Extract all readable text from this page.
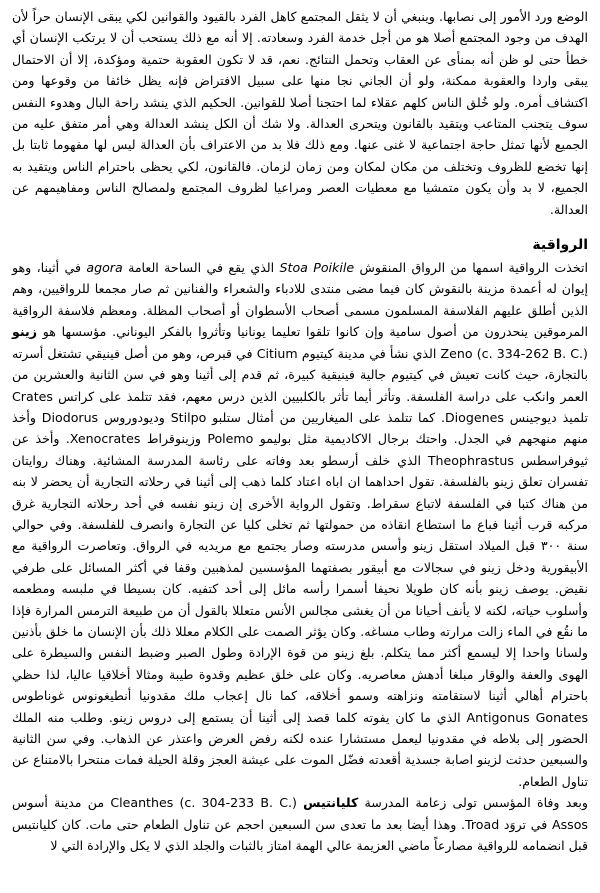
الوضع ورد الأمور إلى نصابها. وينبغي أن لا يثقل المجتمع كاهل الفرد بالقيود والقوانين لكي يبقى الإنسان حراً لأن الهدف من وجود المجتمع أصلا هو من أجل خدمة الفرد وسعادته. إلا أنه مع ذلك يستحب أن لا يرتكب الإنسان أي خطأ حتى لو ظن أنه بمنأى عن العقاب وتحمل النتائج. نعم، قد لا تكون العقوبة حتمية ومؤكدة، إلا أن الاحتمال يبقى واردا والعقوبة ممكنة، ولو أن الجاني نجا منها على سبيل الافتراض فإنه يظل خائفا من وقوعها ومن اكتشاف أمره. ولو خُلق الناس كلهم عقلاء لما احتجنا أصلا للقوانين. الحكيم الذي ينشد راحة البال وهدوء النفس سوف يتجنب المتاعب ويتقيد بالقانون ويتحرى العدالة. ولا شك أن الكل ينشد العدالة وهي أمر متفق عليه من الجميع لأنها تمثل حاجة اجتماعية لا غنى عنها. ومع ذلك فلا بد من الاعتراف بأن العدالة ليس لها مفهوما ثابتا بل إنها تخضع للظروف وتختلف من مكان لمكان ومن زمان لزمان. فالقانون، لكي يحظى باحترام الناس ويتقيد به الجميع، لا بد وأن يكون متمشيا مع معطيات العصر ومراعيا لظروف المجتمع ولمصالح الناس ومفاهيمهم عن العدالة.

الرواقية

اتخذت الرواقية اسمها من الرواق المنقوش Stoa Poikile الذي يقع في الساحة العامة agora في أثينا، وهو إيوان له أعمدة مزينة بالنقوش كان فيما مضى منتدى للادباء والشعراء والفنانين ثم صار مجمعا للرواقيين، وهم الذين أطلق عليهم الفلاسفة المسلمون مسمى أصحاب الأسطوان أو أصحاب المظلة. ومعظم فلاسفة الرواقية المرموقين ينحدرون من أصول سامية وإن كانوا تلقوا تعليما يونانيا وتأثروا بالفكر اليوناني. مؤسسها هو زينو Zeno (c. 334-262 B. C.) الذي نشأ في مدينة كيتيوم Citium في قبرص، وهو من أصل فينيقي تشتغل أسرته بالتجارة، حيث كانت تعيش في كيتيوم جالية فينيقية كبيرة، ثم قدم إلى أثينا وهو في سن الثانية والعشرين من العمر وانكب على دراسة الفلسفة. وتأثر أيما تأثر بالكلبيين الذين درس معهم، فقد تتلمذ على كراتس Crates تلميذ ديوجينس Diogenes. كما تتلمذ على الميغاريين من أمثال ستلبو Stilpo وديودوروس Diodorus وأخذ منهم منهجهم في الجدل. واحتك برجال الاكاديمية مثل بوليمو Polemo وزينوقراط Xenocrates. وأخذ عن ثيوفراسطس Theophrastus الذي خلف أرسطو بعد وفاته على رئاسة المدرسة المشائية. وهناك روايتان تفسران تعلق زينو بالفلسفة. تقول احداهما ان اباه اعتاد كلما ذهب إلى أثينا في رحلاته التجارية أن يحضر لا بنه من هناك كتبا في الفلسفة لاتباع سقراط. وتقول الرواية الأخرى إن زينو نفسه في أحد رحلاته التجارية غرق مركبه قرب أثينا فباع ما استطاع انقاذه من حمولتها ثم تخلى كليا عن التجارة وانصرف للفلسفة. وفي حوالي سنة ٣٠٠ قبل الميلاد استقل زينو وأسس مدرسته وصار يجتمع مع مريديه في الرواق. وتعاصرت الرواقية مع الأبيقورية ودخل زينو في سجالات مع أبيقور بصفتهما المؤسسين لمذهبين وقفا في أكثر المسائل على طرفي نقيض. يوصف زينو بأنه كان طويلا نحيفا أسمرا رأسه مائل إلى أحد كتفيه. كان بسيطا في ملبسه ومطعمه وأسلوب حياته، لكنه لا يأنف أحيانا من أن يغشى مجالس الأنس متعللا بالقول أن من طبيعة الترمس المرارة فإذا ما نقُع في الماء زالت مرارته وطاب مساغه. وكان يؤثر الصمت على الكلام معللا ذلك بأن الإنسان ما خلق بأذنين ولسانا واحدا إلا ليسمع أكثر مما يتكلم. بلغ زينو من قوة الإرادة وطول الصبر وضبط النفس والسيطرة على الهوى والعفة والوقار مبلغا أدهش معاصريه. وكان على خلق عظيم وقدوة طيبة ومثالا أخلاقيا عاليا، لذا حظي باحترام أهالي أثينا لاستقامته ونزاهته وسمو أخلاقه، كما نال إعجاب ملك مقدونيا أنطيغونوس غوناطوس Antigonus Gonates الذي ما كان يفوته كلما قصد إلى أثينا أن يستمع إلى دروس زينو. وطلب منه الملك الحضور إلى بلاطه في مقدونيا ليعمل مستشارا عنده لكنه رفض العرض واعتذر عن الذهاب. وفي سن الثانية والسبعين حدثت لزينو اصابة جسدية أقعدته فضّل الموت على عيشة العجز وقلة الحيلة فمات منتحرا بالامتناع عن تناول الطعام.

وبعد وفاة المؤسس تولى زعامة المدرسة كليانتيس Cleanthes (c. 304-233 B. C.) من مدينة أسوس Assos في تروَد Troad. وهذا أيضا بعد ما تعدى سن السبعين احجم عن تناول الطعام حتى مات. كان كليانتيس قبل انضمامه للرواقية مصارعاً ماضي العزيمة عالي الهمة امتاز بالثبات والجلد الذي لا يكل والإرادة التي لا
